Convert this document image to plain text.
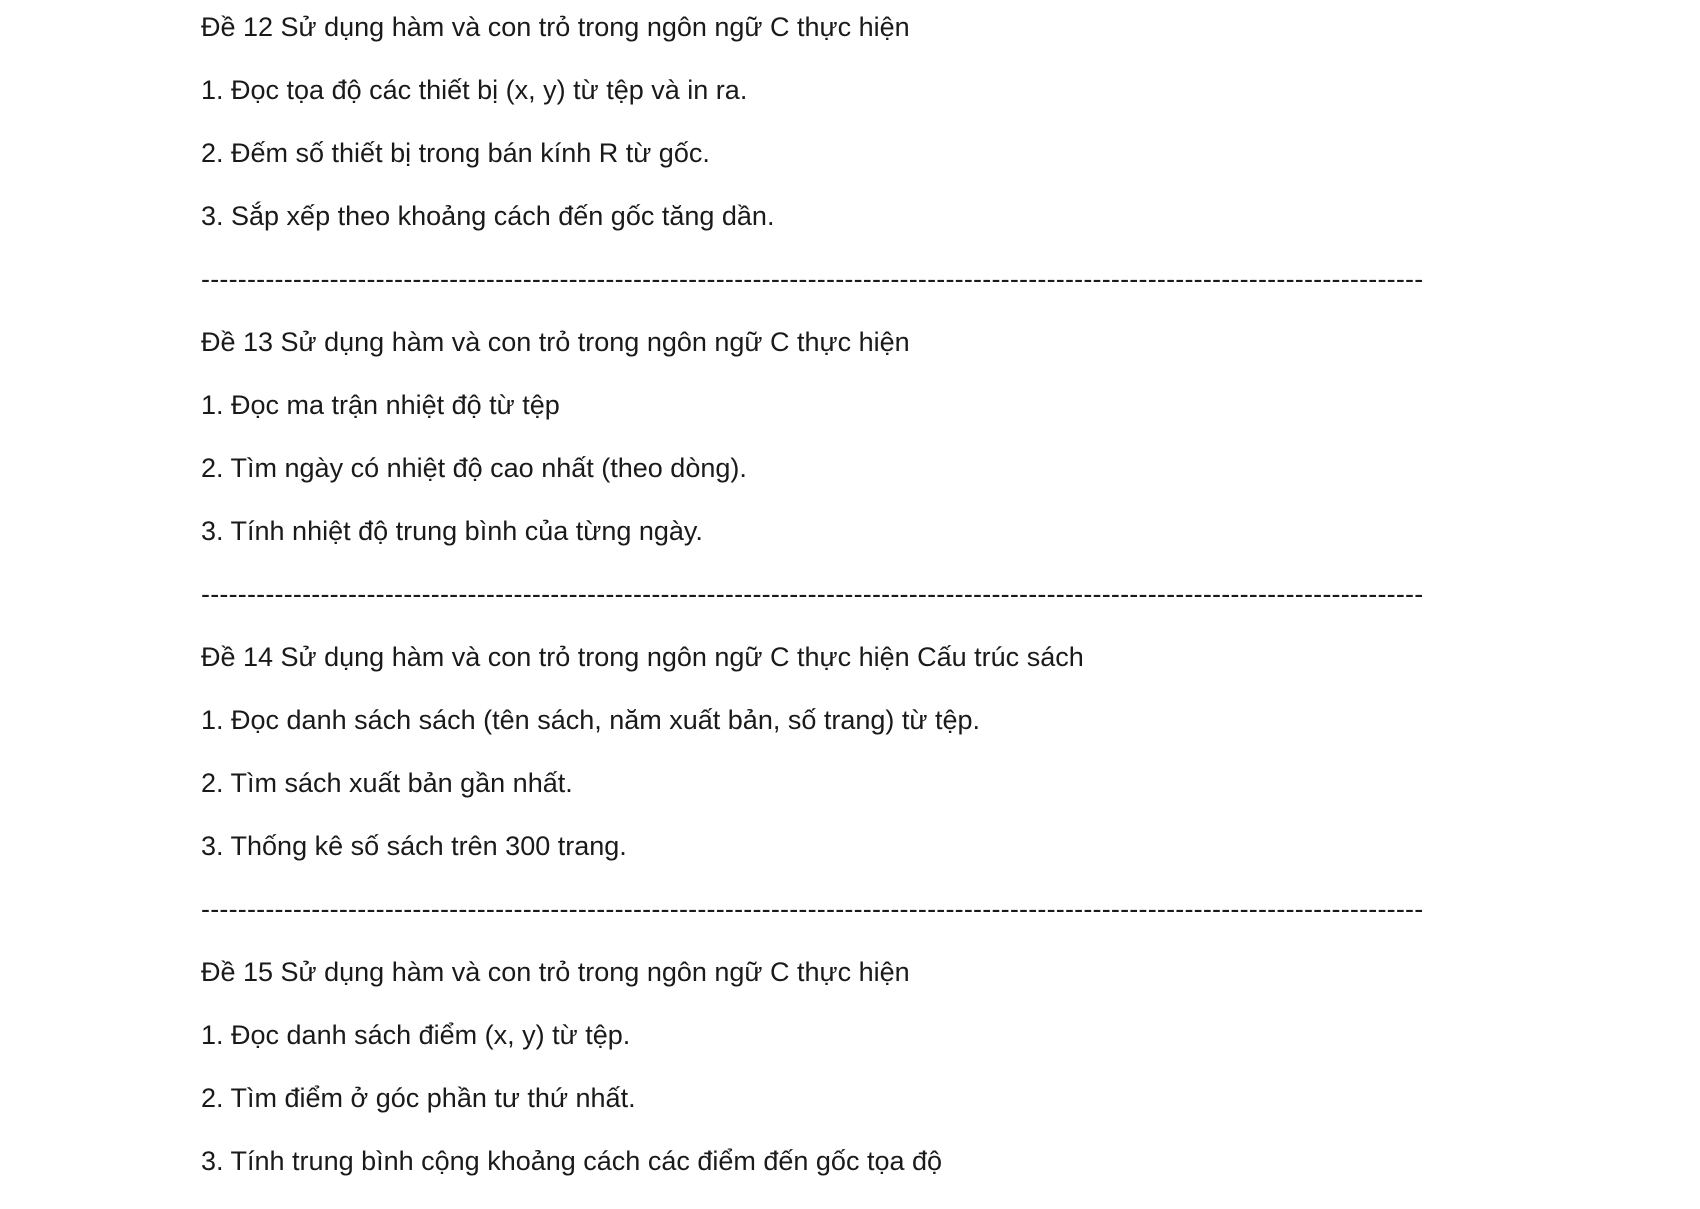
Đề 12 Sử dụng hàm và con trỏ trong ngôn ngữ C thực hiện
1. Đọc tọa độ các thiết bị (x, y) từ tệp và in ra.
2. Đếm số thiết bị trong bán kính R từ gốc.
3. Sắp xếp theo khoảng cách đến gốc tăng dần.
-------------------------------------------------------------------------------------------------------------------------------------
Đề 13 Sử dụng hàm và con trỏ trong ngôn ngữ C thực hiện
1. Đọc ma trận nhiệt độ từ tệp
2. Tìm ngày có nhiệt độ cao nhất (theo dòng).
3. Tính nhiệt độ trung bình của từng ngày.
-------------------------------------------------------------------------------------------------------------------------------------
Đề 14 Sử dụng hàm và con trỏ trong ngôn ngữ C thực hiện Cấu trúc sách
1. Đọc danh sách sách (tên sách, năm xuất bản, số trang) từ tệp.
2. Tìm sách xuất bản gần nhất.
3. Thống kê số sách trên 300 trang.
-------------------------------------------------------------------------------------------------------------------------------------
Đề 15 Sử dụng hàm và con trỏ trong ngôn ngữ C thực hiện
1. Đọc danh sách điểm (x, y) từ tệp.
2. Tìm điểm ở góc phần tư thứ nhất.
3. Tính trung bình cộng khoảng cách các điểm đến gốc tọa độ
